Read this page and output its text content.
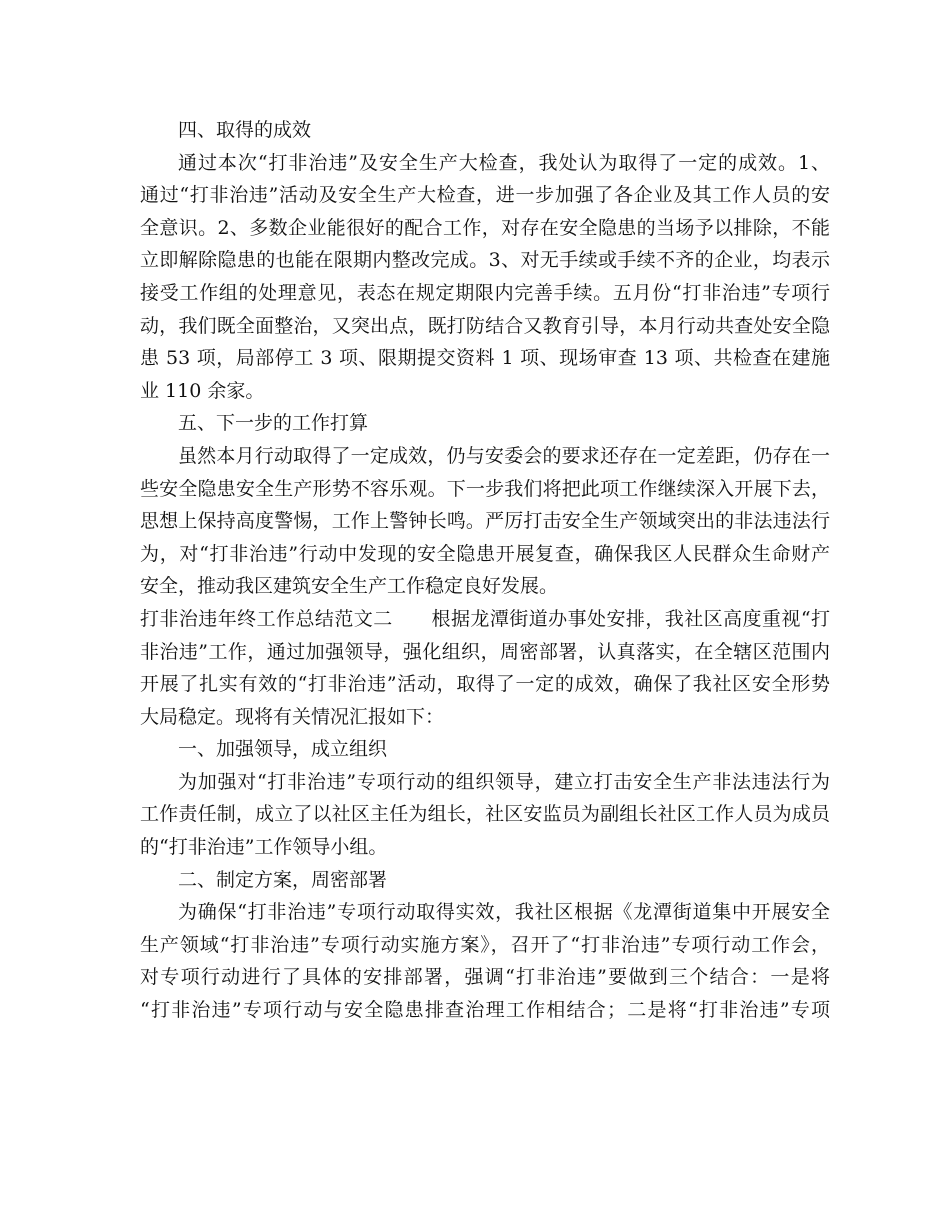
四、取得的成效
通过本次“打非治违”及安全生产大检查，我处认为取得了一定的成效。1、
通过“打非治违”活动及安全生产大检查，进一步加强了各企业及其工作人员的安
全意识。2、多数企业能很好的配合工作，对存在安全隐患的当场予以排除，不能
立即解除隐患的也能在限期内整改完成。3、对无手续或手续不齐的企业，均表示
接受工作组的处理意见，表态在规定期限内完善手续。五月份“打非治违”专项行
动，我们既全面整治，又突出点，既打防结合又教育引导，本月行动共查处安全隐
患 53 项，局部停工 3 项、限期提交资料 1 项、现场审查 13 项、共检查在建施
业 110 余家。
五、下一步的工作打算
虽然本月行动取得了一定成效，仍与安委会的要求还存在一定差距，仍存在一
些安全隐患安全生产形势不容乐观。下一步我们将把此项工作继续深入开展下去，
思想上保持高度警惕，工作上警钟长鸣。严厉打击安全生产领域突出的非法违法行
为，对“打非治违”行动中发现的安全隐患开展复查，确保我区人民群众生命财产
安全，推动我区建筑安全生产工作稳定良好发展。
打非治违年终工作总结范文二　　根据龙潭街道办事处安排，我社区高度重视“打
非治违”工作，通过加强领导，强化组织，周密部署，认真落实，在全辖区范围内
开展了扎实有效的“打非治违”活动，取得了一定的成效，确保了我社区安全形势
大局稳定。现将有关情况汇报如下：
一、加强领导，成立组织
为加强对“打非治违”专项行动的组织领导，建立打击安全生产非法违法行为
工作责任制，成立了以社区主任为组长，社区安监员为副组长社区工作人员为成员
的“打非治违”工作领导小组。
二、制定方案，周密部署
为确保“打非治违”专项行动取得实效，我社区根据《龙潭街道集中开展安全
生产领域“打非治违”专项行动实施方案》，召开了“打非治违”专项行动工作会，
对专项行动进行了具体的安排部署，强调“打非治违”要做到三个结合：一是将
“打非治违”专项行动与安全隐患排查治理工作相结合；二是将“打非治违”专项
